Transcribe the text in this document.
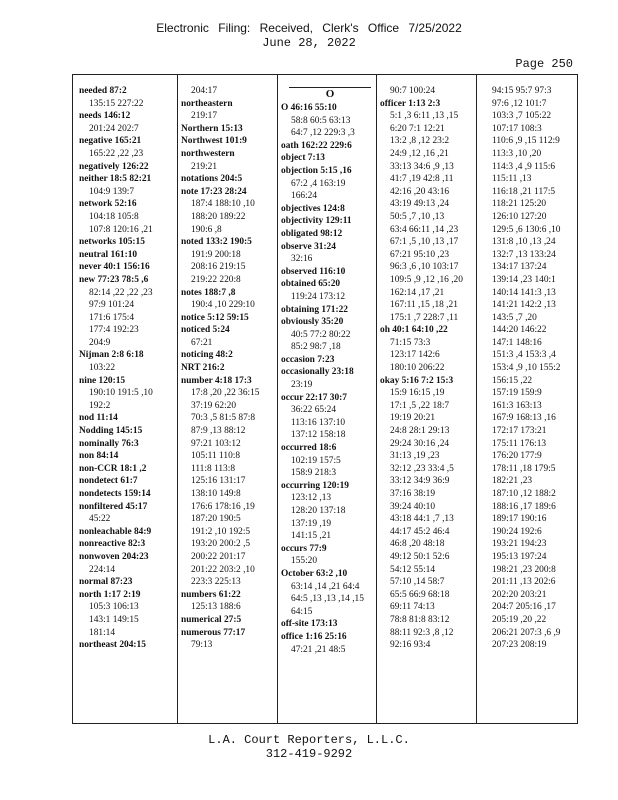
Electronic Filing: Received, Clerk's Office 7/25/2022
June 28, 2022
Page 250
needed 87:2
135:15 227:22
needs 146:12
201:24 202:7
negative 165:21
165:22 ,22 ,23
negatively 126:22
neither 18:5 82:21
104:9 139:7
network 52:16
104:18 105:8
107:8 120:16 ,21
networks 105:15
neutral 161:10
never 40:1 156:16
new 77:23 78:5 ,6
82:14 ,22 ,22 ,23
97:9 101:24
171:6 175:4
177:4 192:23
204:9
Nijman 2:8 6:18
103:22
nine 120:15
190:10 191:5 ,10
192:2
nod 11:14
Nodding 145:15
nominally 76:3
non 84:14
non-CCR 18:1 ,2
nondetect 61:7
nondetects 159:14
nonfiltered 45:17
45:22
nonleachable 84:9
nonreactive 82:3
nonwoven 204:23
224:14
normal 87:23
north 1:17 2:19
105:3 106:13
143:1 149:15
181:14
northeast 204:15
204:17
northeastern
219:17
Northern 15:13
Northwest 101:9
northwestern
219:21
notations 204:5
note 17:23 28:24
187:4 188:10 ,10
188:20 189:22
190:6 ,8
noted 133:2 190:5
191:9 200:18
208:16 219:15
219:22 220:8
notes 188:7 ,8
190:4 ,10 229:10
notice 5:12 59:15
noticed 5:24
67:21
noticing 48:2
NRT 216:2
number 4:18 17:3
17:8 ,20 ,22 36:15
37:19 62:20
70:3 ,5 81:5 87:8
87:9 ,13 88:12
97:21 103:12
105:11 110:8
111:8 113:8
125:16 131:17
138:10 149:8
176:6 178:16 ,19
187:20 190:5
191:2 ,10 192:5
193:20 200:2 ,5
200:22 201:17
201:22 203:2 ,10
223:3 225:13
numbers 61:22
125:13 188:6
numerical 27:5
numerous 77:17
79:13
O
O 46:16 55:10
58:8 60:5 63:13
64:7 ,12 229:3 ,3
oath 162:22 229:6
object 7:13
objection 5:15 ,16
67:2 ,4 163:19
166:24
objectives 124:8
objectivity 129:11
obligated 98:12
observe 31:24
32:16
observed 116:10
obtained 65:20
119:24 173:12
obtaining 171:22
obviously 35:20
40:5 77:2 80:22
85:2 98:7 ,18
occasion 7:23
occasionally 23:18
23:19
occur 22:17 30:7
36:22 65:24
113:16 137:10
137:12 158:18
occurred 18:6
102:19 157:5
158:9 218:3
occurring 120:19
123:12 ,13
128:20 137:18
137:19 ,19
141:15 ,21
occurs 77:9
155:20
October 63:2 ,10
63:14 ,14 ,21 64:4
64:5 ,13 ,13 ,14 ,15
64:15
off-site 173:13
office 1:16 25:16
47:21 ,21 48:5
90:7 100:24
officer 1:13 2:3
5:1 ,3 6:11 ,13 ,15
6:20 7:1 12:21
13:2 ,8 ,12 23:2
24:9 ,12 ,16 ,21
33:13 34:6 ,9 ,13
41:7 ,19 42:8 ,11
42:16 ,20 43:16
43:19 49:13 ,24
50:5 ,7 ,10 ,13
63:4 66:11 ,14 ,23
67:1 ,5 ,10 ,13 ,17
67:21 95:10 ,23
96:3 ,6 ,10 103:17
109:5 ,9 ,12 ,16 ,20
162:14 ,17 ,21
167:11 ,15 ,18 ,21
175:1 ,7 228:7 ,11
oh 40:1 64:10 ,22
71:15 73:3
123:17 142:6
180:10 206:22
okay 5:16 7:2 15:3
15:9 16:15 ,19
17:1 ,5 ,22 18:7
19:19 20:21
24:8 28:1 29:13
29:24 30:16 ,24
31:13 ,19 ,23
32:12 ,23 33:4 ,5
33:12 34:9 36:9
37:16 38:19
39:24 40:10
43:18 44:1 ,7 ,13
44:17 45:2 46:4
46:8 ,20 48:18
49:12 50:1 52:6
54:12 55:14
57:10 ,14 58:7
65:5 66:9 68:18
69:11 74:13
78:8 81:8 83:12
88:11 92:3 ,8 ,12
92:16 93:4
94:15 95:7 97:3
97:6 ,12 101:7
103:3 ,7 105:22
107:17 108:3
110:6 ,9 ,15 112:9
113:3 ,10 ,20
114:3 ,4 ,9 115:6
115:11 ,13
116:18 ,21 117:5
118:21 125:20
126:10 127:20
129:5 ,6 130:6 ,10
131:8 ,10 ,13 ,24
132:7 ,13 133:24
134:17 137:24
139:14 ,23 140:1
140:14 141:3 ,13
141:21 142:2 ,13
143:5 ,7 ,20
144:20 146:22
147:1 148:16
151:3 ,4 153:3 ,4
153:4 ,9 ,10 155:2
156:15 ,22
157:19 159:9
161:3 163:13
167:9 168:13 ,16
172:17 173:21
175:11 176:13
176:20 177:9
178:11 ,18 179:5
182:21 ,23
187:10 ,12 188:2
188:16 ,17 189:6
189:17 190:16
190:24 192:6
193:21 194:23
195:13 197:24
198:21 ,23 200:8
201:11 ,13 202:6
202:20 203:21
204:7 205:16 ,17
205:19 ,20 ,22
206:21 207:3 ,6 ,9
207:23 208:19
L.A. Court Reporters, L.L.C.
312-419-9292
